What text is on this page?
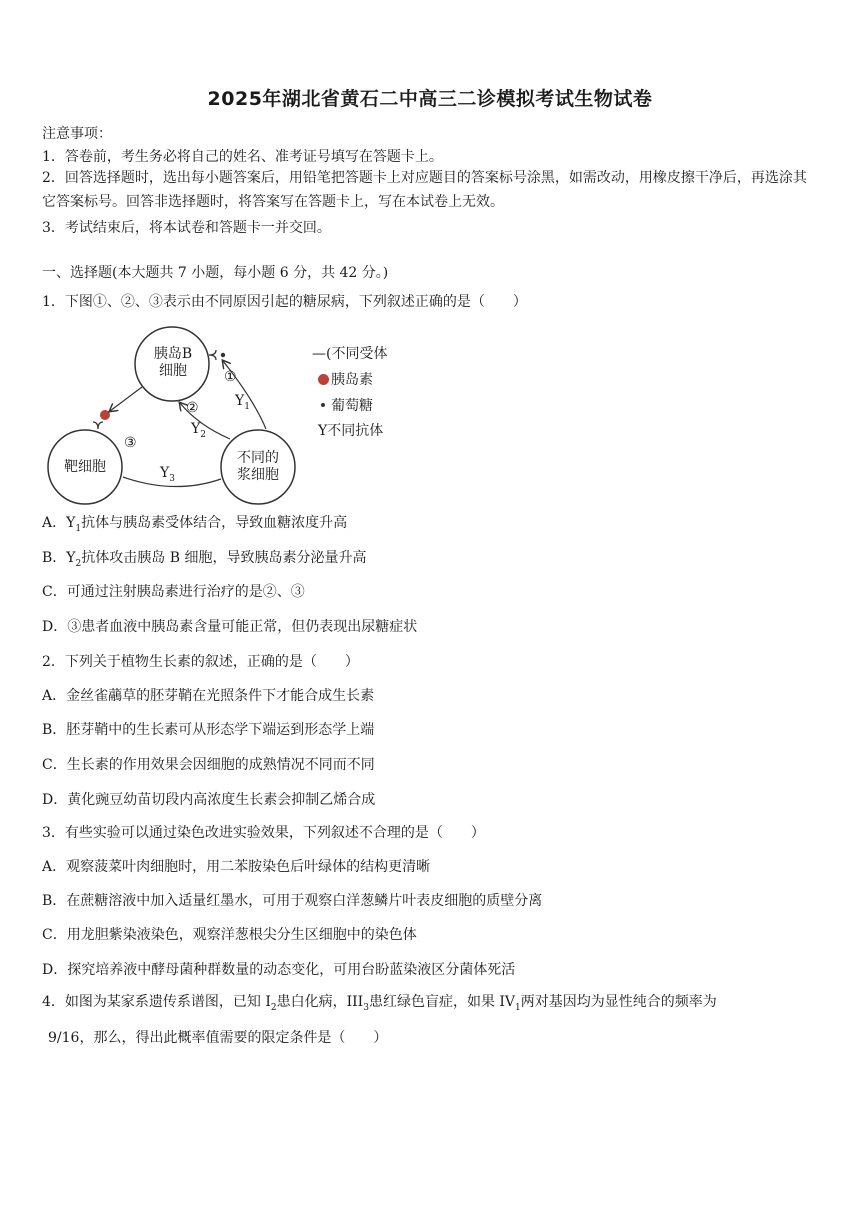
2025年湖北省黄石二中高三二诊模拟考试生物试卷
注意事项：
1．答卷前，考生务必将自己的姓名、准考证号填写在答题卡上。
2．回答选择题时，选出每小题答案后，用铅笔把答题卡上对应题目的答案标号涂黑，如需改动，用橡皮擦干净后，再选涂其它答案标号。回答非选择题时，将答案写在答题卡上，写在本试卷上无效。
3．考试结束后，将本试卷和答题卡一并交回。
一、选择题(本大题共 7 小题，每小题 6 分，共 42 分。)
1．下图①、②、③表示由不同原因引起的糖尿病，下列叙述正确的是（　　）
胰岛B
细胞
靶细胞
不同的
浆细胞
①
②
③
$Y_1$
$Y_2$
$Y_3$
—(不同受体
胰岛素
葡萄糖
Y不同抗体
A．$Y_1$抗体与胰岛素受体结合，导致血糖浓度升高
B．$Y_2$抗体攻击胰岛 B 细胞，导致胰岛素分泌量升高
C．可通过注射胰岛素进行治疗的是②、③
D．③患者血液中胰岛素含量可能正常，但仍表现出尿糖症状
2．下列关于植物生长素的叙述，正确的是（　　）
A．金丝雀虉草的胚芽鞘在光照条件下才能合成生长素
B．胚芽鞘中的生长素可从形态学下端运到形态学上端
C．生长素的作用效果会因细胞的成熟情况不同而不同
D．黄化豌豆幼苗切段内高浓度生长素会抑制乙烯合成
3．有些实验可以通过染色改进实验效果，下列叙述不合理的是（　　）
A．观察菠菜叶肉细胞时，用二苯胺染色后叶绿体的结构更清晰
B．在蔗糖溶液中加入适量红墨水，可用于观察白洋葱鳞片叶表皮细胞的质壁分离
C．用龙胆紫染液染色，观察洋葱根尖分生区细胞中的染色体
D．探究培养液中酵母菌种群数量的动态变化，可用台盼蓝染液区分菌体死活
4．如图为某家系遗传系谱图，已知 $I_2$患白化病，$III_3$患红绿色盲症，如果 $IV_1$两对基因均为显性纯合的频率为
9/16，那么，得出此概率值需要的限定条件是（　　）
